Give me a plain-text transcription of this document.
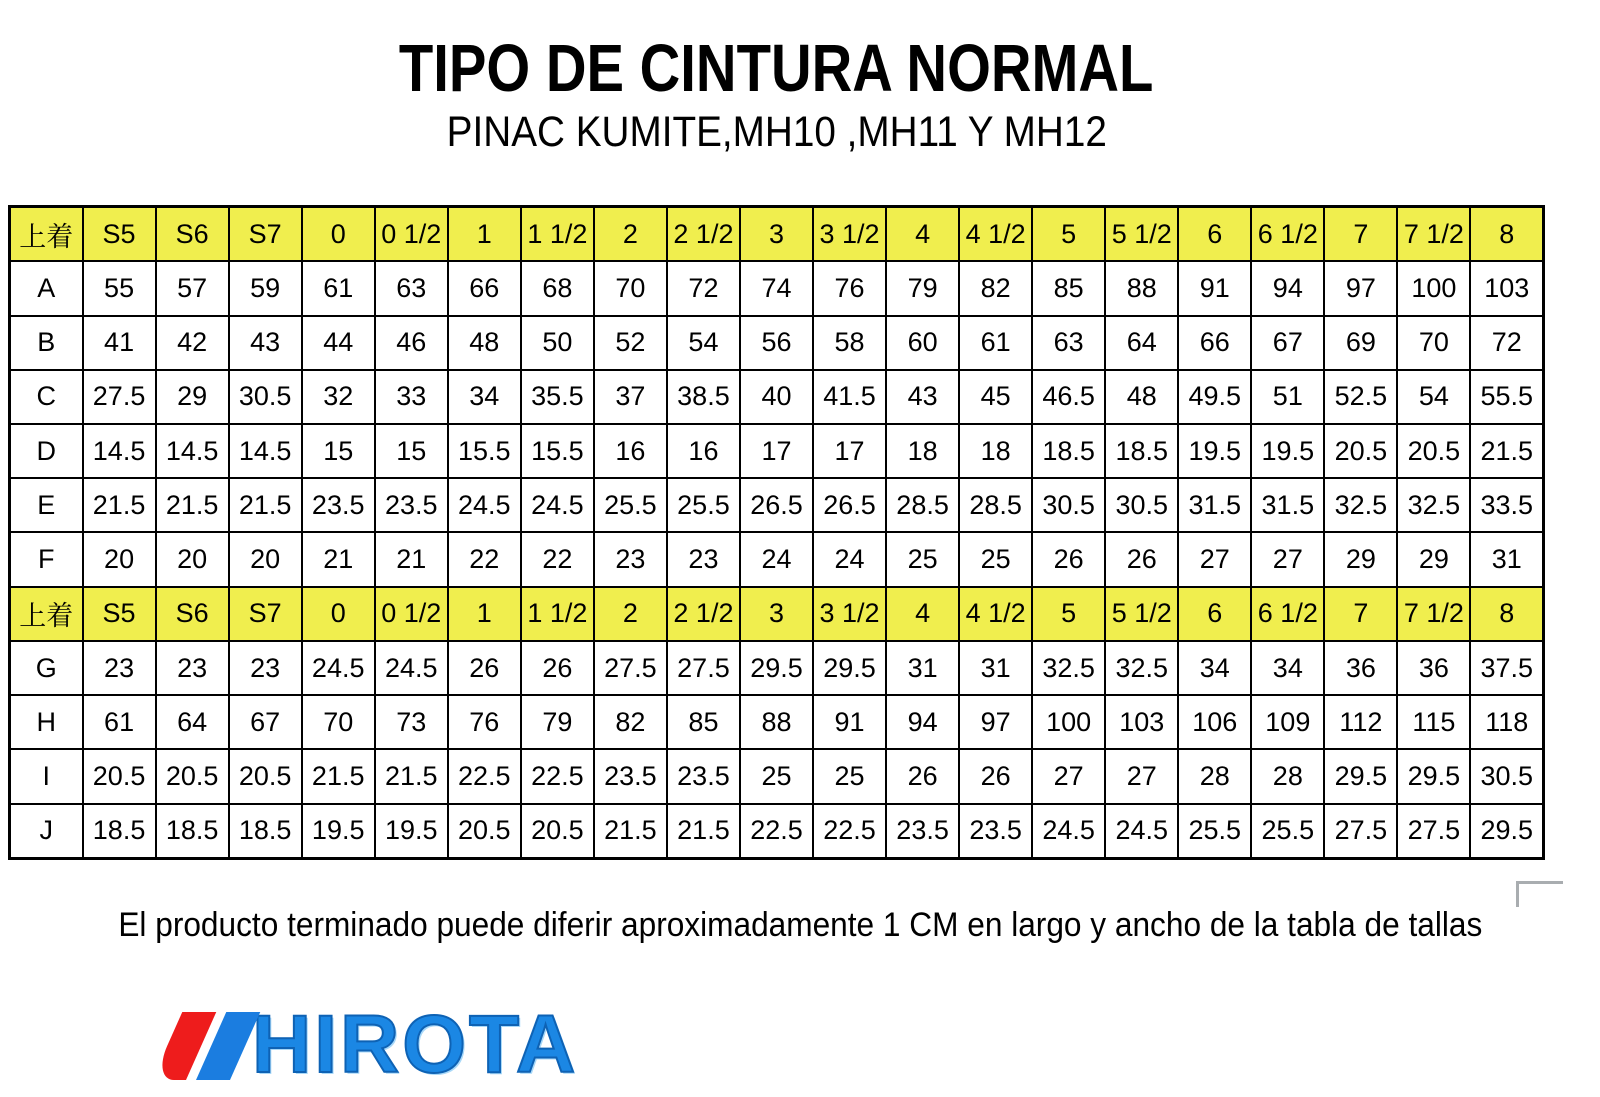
TIPO DE CINTURA NORMAL
PINAC KUMITE,MH10 ,MH11 Y MH12
上着	S5	S6	S7	0	0 1/2	1	1 1/2	2	2 1/2	3	3 1/2	4	4 1/2	5	5 1/2	6	6 1/2	7	7 1/2	8
A	55	57	59	61	63	66	68	70	72	74	76	79	82	85	88	91	94	97	100	103
B	41	42	43	44	46	48	50	52	54	56	58	60	61	63	64	66	67	69	70	72
C	27.5	29	30.5	32	33	34	35.5	37	38.5	40	41.5	43	45	46.5	48	49.5	51	52.5	54	55.5
D	14.5	14.5	14.5	15	15	15.5	15.5	16	16	17	17	18	18	18.5	18.5	19.5	19.5	20.5	20.5	21.5
E	21.5	21.5	21.5	23.5	23.5	24.5	24.5	25.5	25.5	26.5	26.5	28.5	28.5	30.5	30.5	31.5	31.5	32.5	32.5	33.5
F	20	20	20	21	21	22	22	23	23	24	24	25	25	26	26	27	27	29	29	31
上着	S5	S6	S7	0	0 1/2	1	1 1/2	2	2 1/2	3	3 1/2	4	4 1/2	5	5 1/2	6	6 1/2	7	7 1/2	8
G	23	23	23	24.5	24.5	26	26	27.5	27.5	29.5	29.5	31	31	32.5	32.5	34	34	36	36	37.5
H	61	64	67	70	73	76	79	82	85	88	91	94	97	100	103	106	109	112	115	118
I	20.5	20.5	20.5	21.5	21.5	22.5	22.5	23.5	23.5	25	25	26	26	27	27	28	28	29.5	29.5	30.5
J	18.5	18.5	18.5	19.5	19.5	20.5	20.5	21.5	21.5	22.5	22.5	23.5	23.5	24.5	24.5	25.5	25.5	27.5	27.5	29.5

El producto terminado puede diferir aproximadamente 1 CM en largo y ancho de la tabla de tallas

HIROTA
